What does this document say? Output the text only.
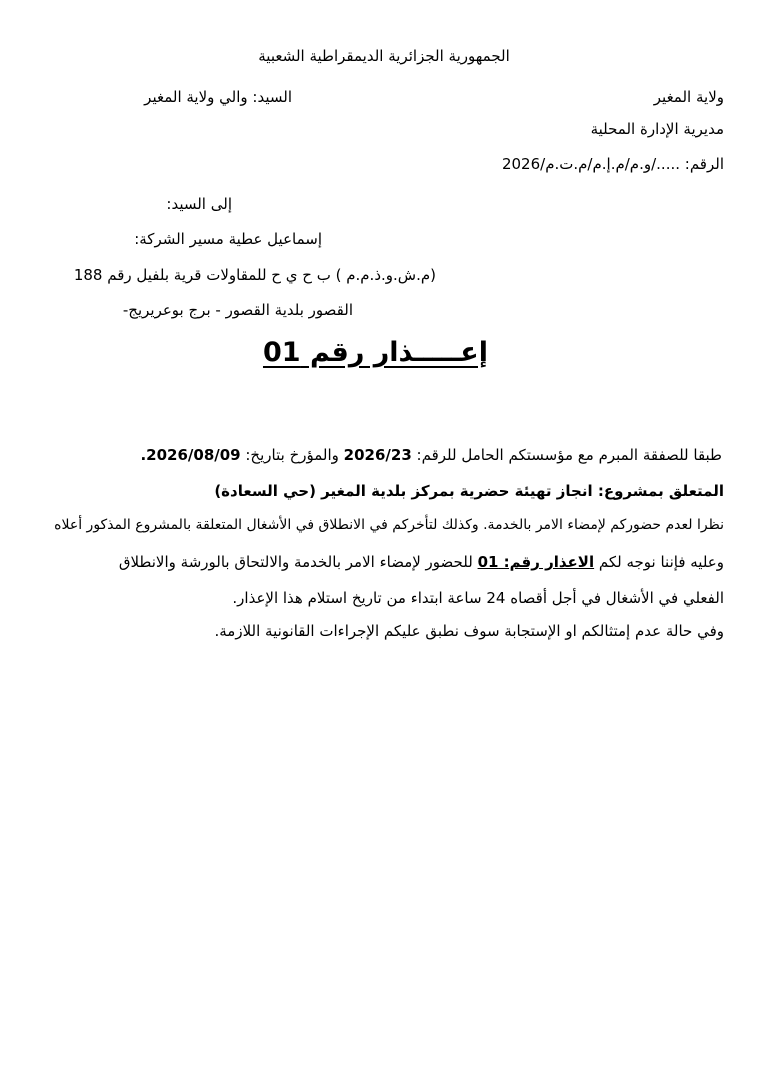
الجمهورية الجزائرية الديمقراطية الشعبية
ولاية المغير
السيد: والي ولاية المغير
مديرية الإدارة المحلية
الرقم: ...../و.م/م.إ.م/م.ت.م/2026
إلى السيد:
إسماعيل عطية مسير الشركة:
(م.ش.و.ذ.م.م ) ب ح ي ح للمقاولات قرية بلفيل رقم 188
القصور بلدية القصور - برج بوعريريج-
إعـــــذار رقم 01
طبقا للصفقة المبرم مع مؤسستكم الحامل للرقم: 2026/23 والمؤرخ بتاريخ: 2026/08/09.
المتعلق بمشروع: انجاز تهيئة حضرية بمركز بلدية المغير (حي السعادة)
نظرا لعدم حضوركم لإمضاء الامر بالخدمة. وكذلك لتأخركم في الانطلاق في الأشغال المتعلقة بالمشروع المذكور أعلاه
وعليه فإننا نوجه لكم الاعذار رقم: 01 للحضور لإمضاء الامر بالخدمة والالتحاق بالورشة والانطلاق
الفعلي في الأشغال في أجل أقصاه 24 ساعة ابتداء من تاريخ استلام هذا الإعذار.
وفي حالة عدم إمتثالكم او الإستجابة سوف نطبق عليكم الإجراءات القانونية اللازمة.
